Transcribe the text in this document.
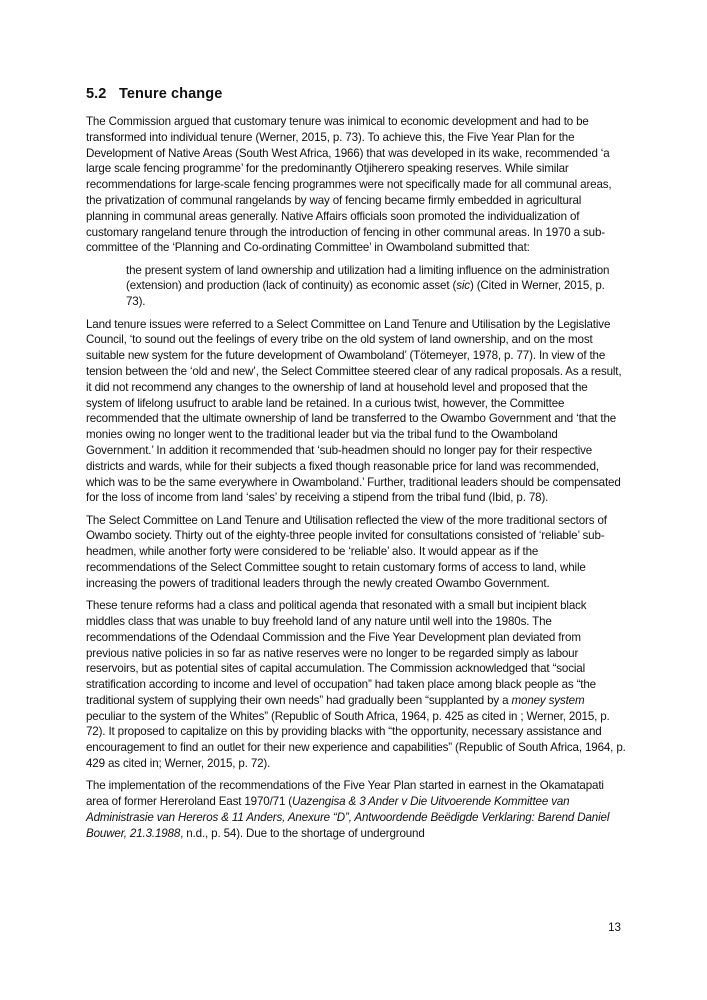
5.2 Tenure change

The Commission argued that customary tenure was inimical to economic development and had to be transformed into individual tenure (Werner, 2015, p. 73). To achieve this, the Five Year Plan for the Development of Native Areas (South West Africa, 1966) that was developed in its wake, recommended ‘a large scale fencing programme’ for the predominantly Otjiherero speaking reserves. While similar recommendations for large-scale fencing programmes were not specifically made for all communal areas, the privatization of communal rangelands by way of fencing became firmly embedded in agricultural planning in communal areas generally. Native Affairs officials soon promoted the individualization of customary rangeland tenure through the introduction of fencing in other communal areas. In 1970 a sub-committee of the ‘Planning and Co-ordinating Committee’ in Owamboland submitted that:

the present system of land ownership and utilization had a limiting influence on the administration (extension) and production (lack of continuity) as economic asset (sic) (Cited in Werner, 2015, p. 73).

Land tenure issues were referred to a Select Committee on Land Tenure and Utilisation by the Legislative Council, ‘to sound out the feelings of every tribe on the old system of land ownership, and on the most suitable new system for the future development of Owamboland’ (Tötemeyer, 1978, p. 77). In view of the tension between the ‘old and new’, the Select Committee steered clear of any radical proposals. As a result, it did not recommend any changes to the ownership of land at household level and proposed that the system of lifelong usufruct to arable land be retained. In a curious twist, however, the Committee recommended that the ultimate ownership of land be transferred to the Owambo Government and ‘that the monies owing no longer went to the traditional leader but via the tribal fund to the Owamboland Government.’ In addition it recommended that ‘sub-headmen should no longer pay for their respective districts and wards, while for their subjects a fixed though reasonable price for land was recommended, which was to be the same everywhere in Owamboland.’ Further, traditional leaders should be compensated for the loss of income from land ‘sales’ by receiving a stipend from the tribal fund (Ibid, p. 78).

The Select Committee on Land Tenure and Utilisation reflected the view of the more traditional sectors of Owambo society. Thirty out of the eighty-three people invited for consultations consisted of ‘reliable’ sub-headmen, while another forty were considered to be ‘reliable’ also. It would appear as if the recommendations of the Select Committee sought to retain customary forms of access to land, while increasing the powers of traditional leaders through the newly created Owambo Government.

These tenure reforms had a class and political agenda that resonated with a small but incipient black middles class that was unable to buy freehold land of any nature until well into the 1980s. The recommendations of the Odendaal Commission and the Five Year Development plan deviated from previous native policies in so far as native reserves were no longer to be regarded simply as labour reservoirs, but as potential sites of capital accumulation. The Commission acknowledged that “social stratification according to income and level of occupation” had taken place among black people as “the traditional system of supplying their own needs” had gradually been “supplanted by a money system peculiar to the system of the Whites” (Republic of South Africa, 1964, p. 425 as cited in ; Werner, 2015, p. 72). It proposed to capitalize on this by providing blacks with “the opportunity, necessary assistance and encouragement to find an outlet for their new experience and capabilities” (Republic of South Africa, 1964, p. 429 as cited in; Werner, 2015, p. 72).

The implementation of the recommendations of the Five Year Plan started in earnest in the Okamatapati area of former Hereroland East 1970/71 (Uazengisa & 3 Ander v Die Uitvoerende Kommittee van Administrasie van Hereros & 11 Anders, Anexure “D”, Antwoordende Beëdigde Verklaring: Barend Daniel Bouwer, 21.3.1988, n.d., p. 54). Due to the shortage of underground

13
